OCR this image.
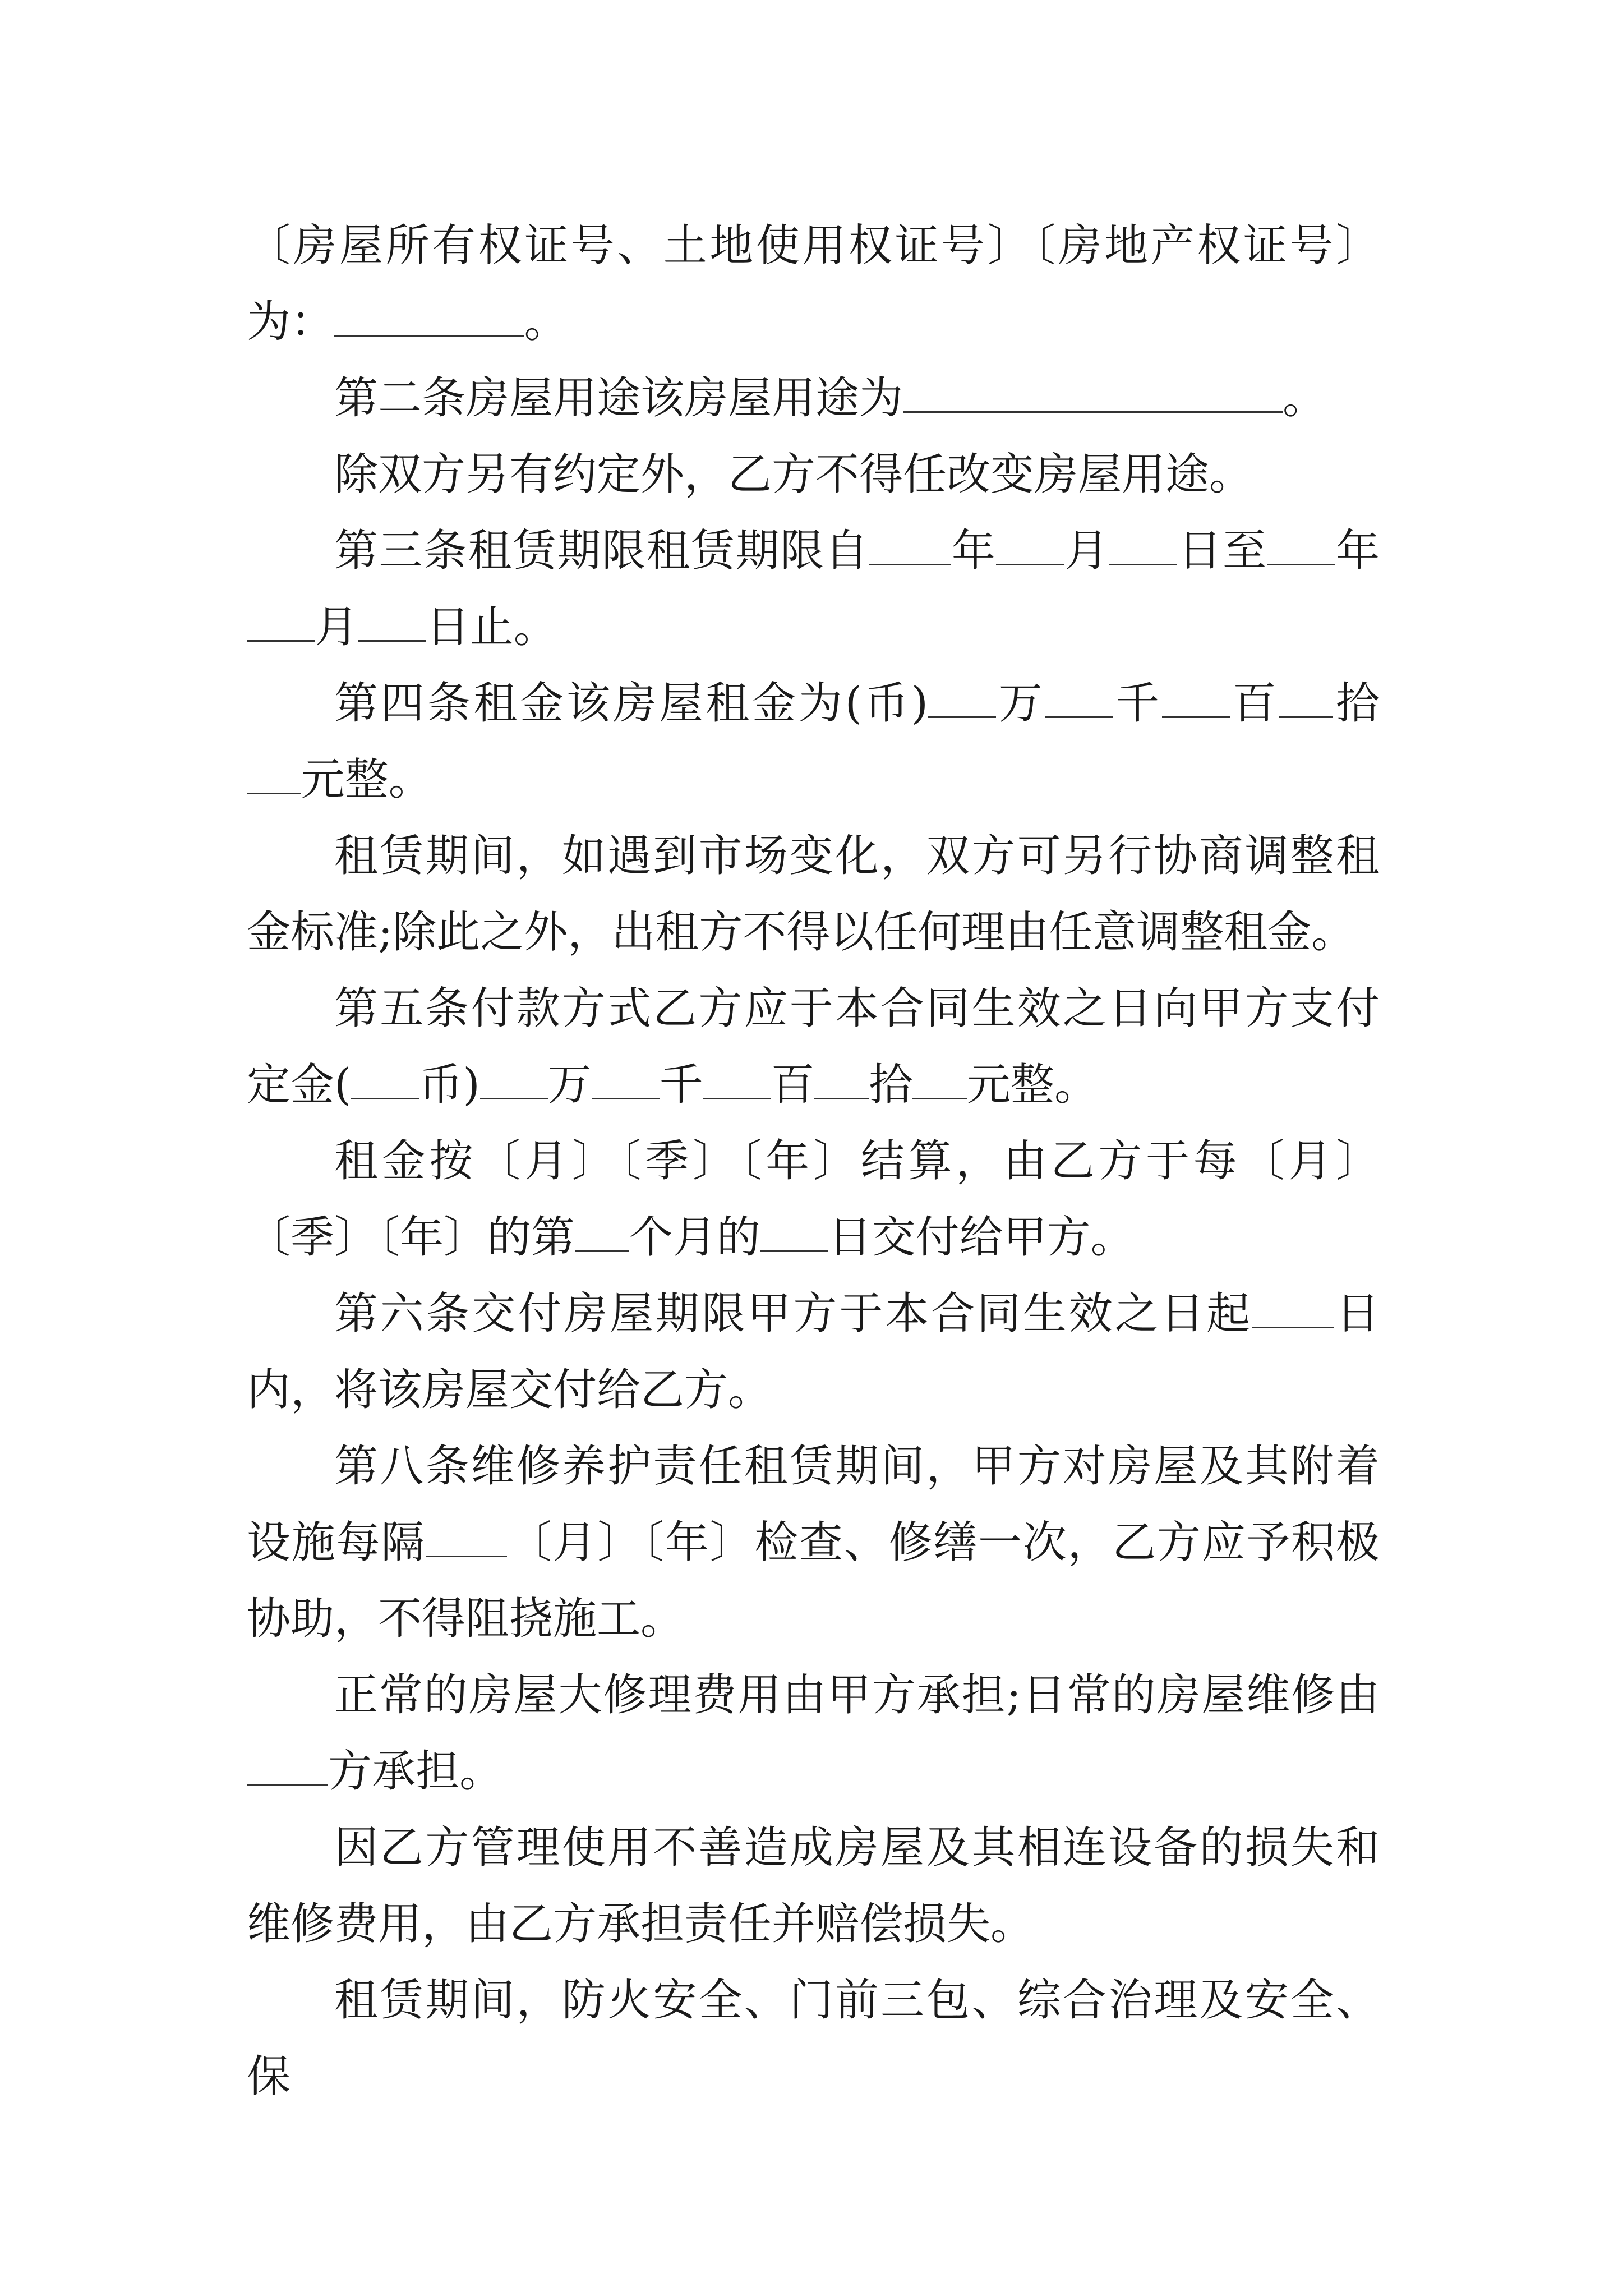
〔房屋所有权证号、土地使用权证号〕〔房地产权证号〕为：	。

第二条房屋用途该房屋用途为	。

除双方另有约定外，乙方不得任改变房屋用途。

第三条租赁期限租赁期限自 年 月 日至 年月 日止。

第四条租金该房屋租金为(币) 万 千 百 拾元整。

租赁期间，如遇到市场变化，双方可另行协商调整租金标准;除此之外，出租方不得以任何理由任意调整租金。

第五条付款方式乙方应于本合同生效之日向甲方支付定金( 币) 万 千 百 拾 元整。

租金按〔月〕〔季〕〔年〕结算，由乙方于每〔月〕〔季〕〔年〕的第 个月的 日交付给甲方。

第六条交付房屋期限甲方于本合同生效之日起 日内，将该房屋交付给乙方。

第八条维修养护责任租赁期间，甲方对房屋及其附着设施每隔 〔月〕〔年〕检查、修缮一次，乙方应予积极协助，不得阻挠施工。

正常的房屋大修理费用由甲方承担;日常的房屋维修由方承担。

因乙方管理使用不善造成房屋及其相连设备的损失和维修费用，由乙方承担责任并赔偿损失。

租赁期间，防火安全、门前三包、综合治理及安全、保
